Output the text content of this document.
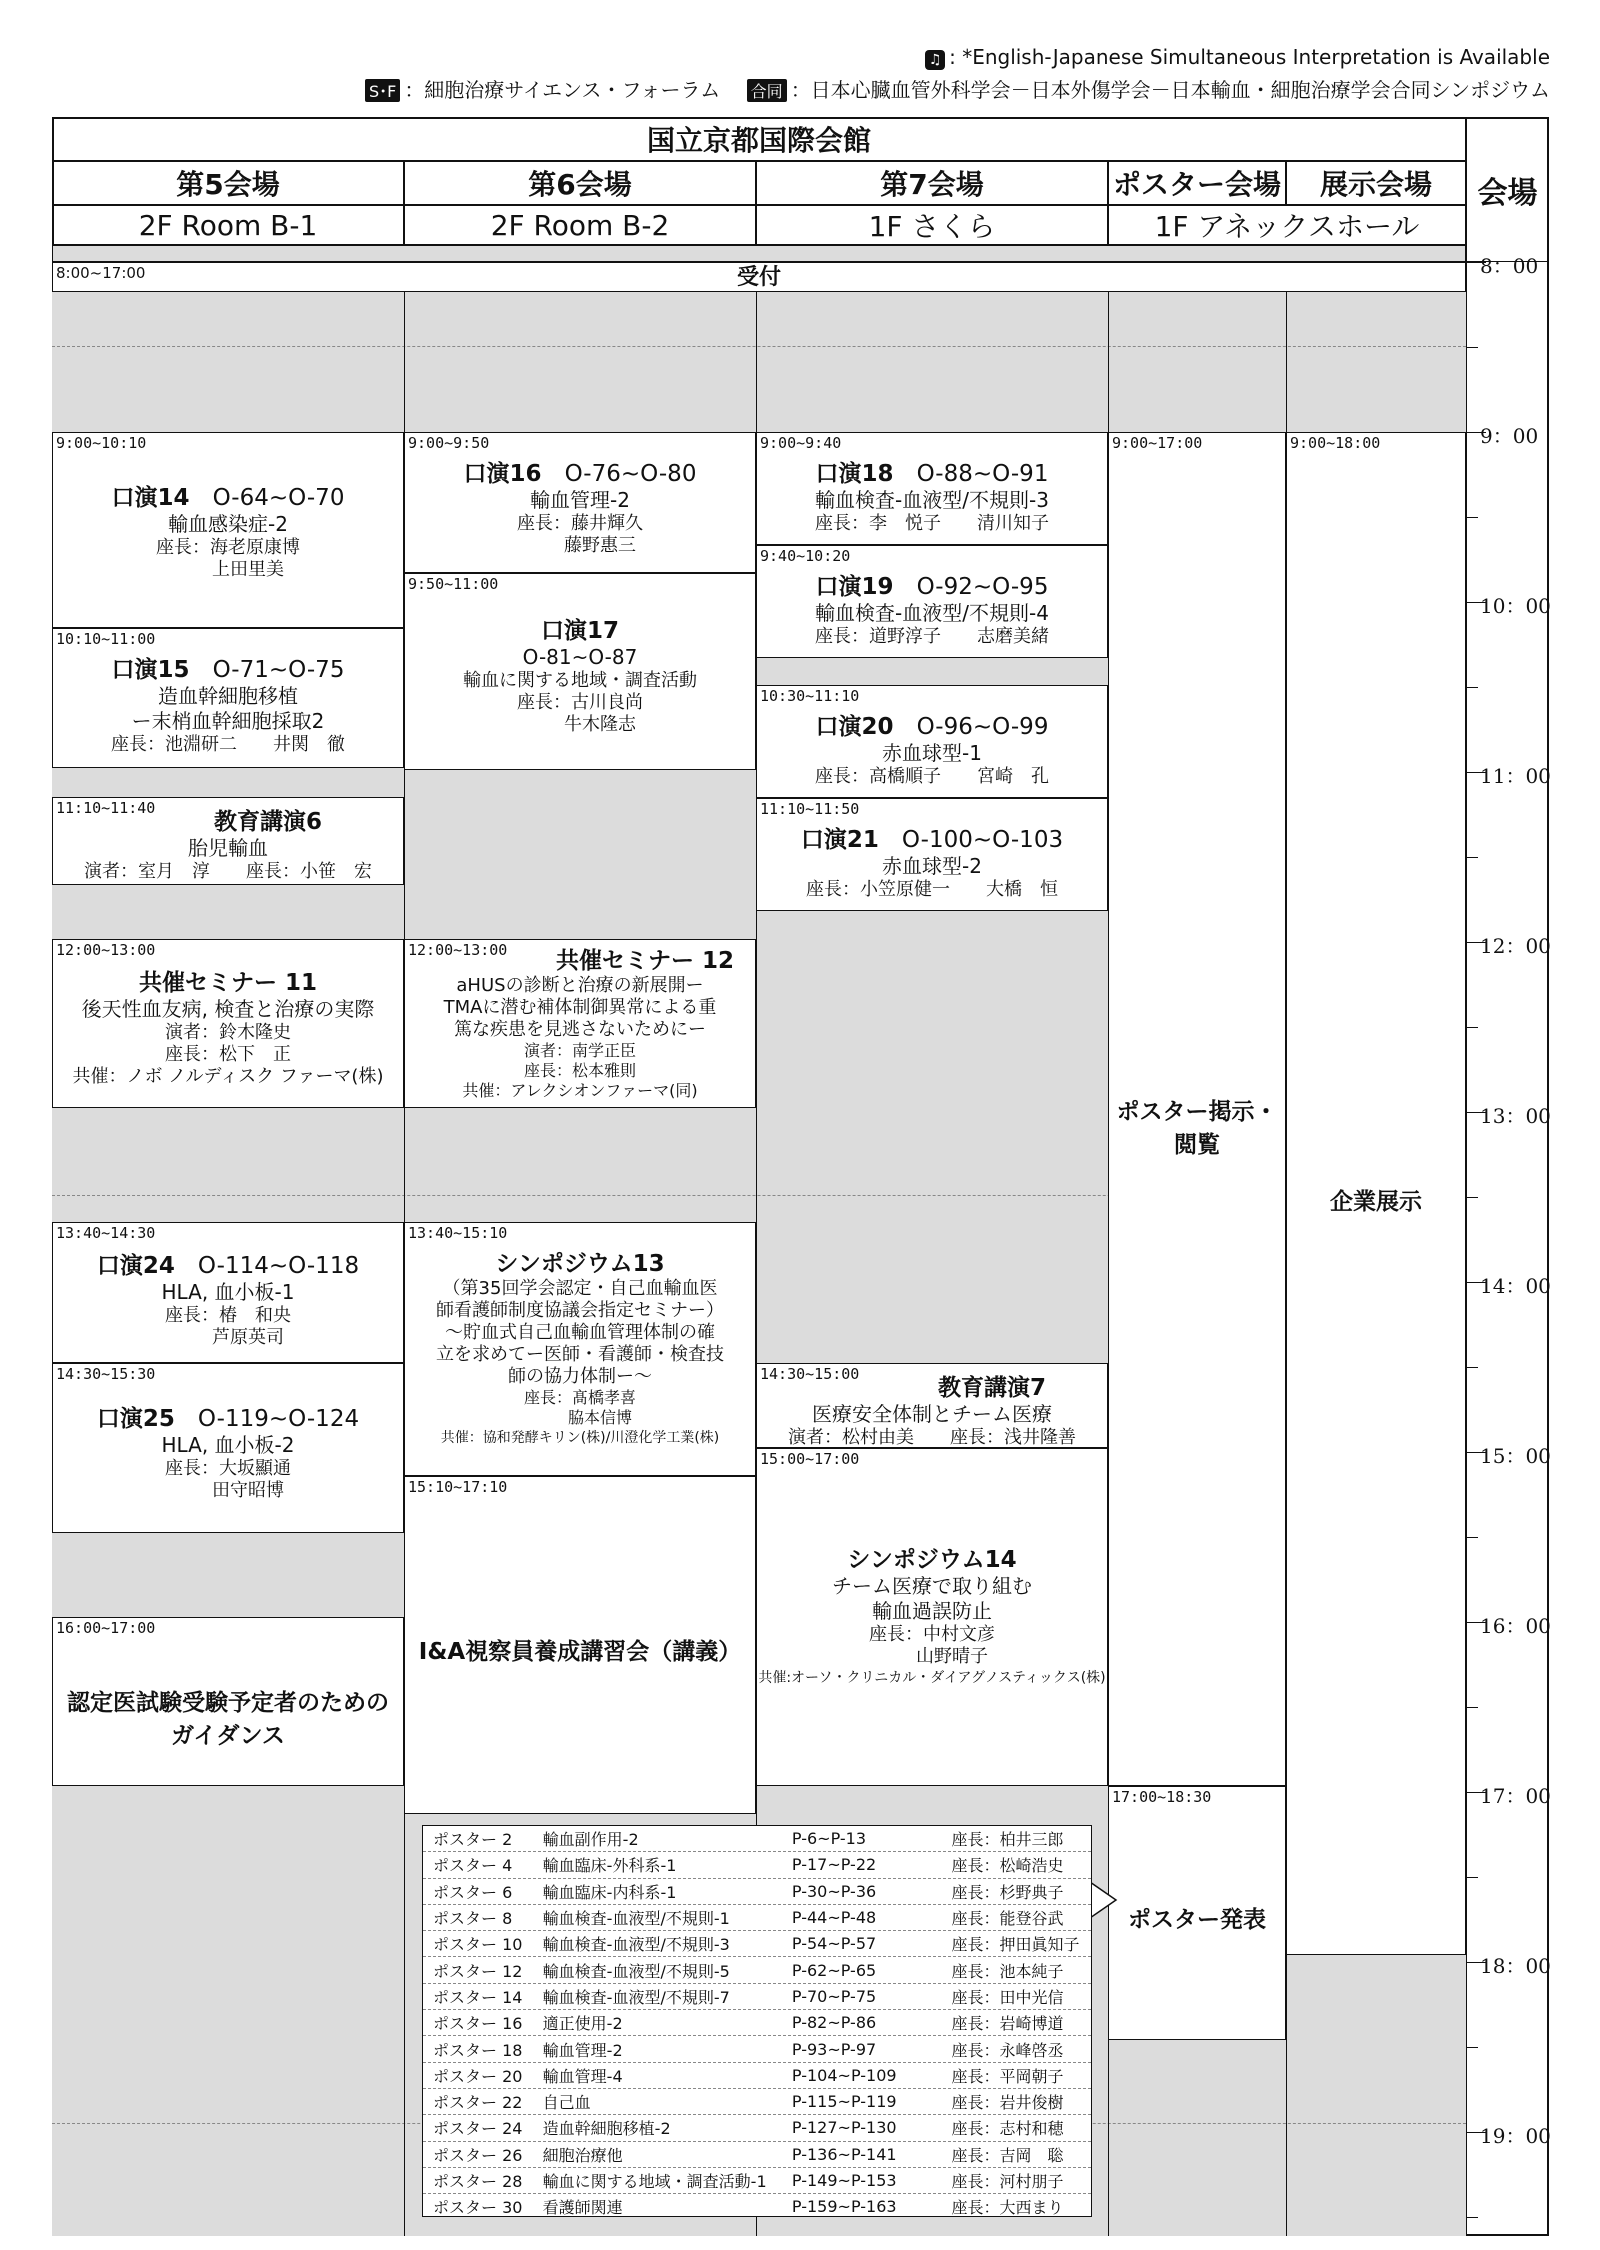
♫ : *English-Japanese Simultaneous Interpretation is Available
S･F ：細胞治療サイエンス・フォーラム 合同 ：日本心臓血管外科学会－日本外傷学会－日本輸血・細胞治療学会合同シンポジウム
国立京都国際会館
会場
第5会場	第6会場	第7会場	ポスター会場	展示会場
2F Room B-1	2F Room B-2	1F さくら	1F アネックスホール
8:00~17:00	受付
9:00~10:10
口演14　 O-64~O-70
輸血感染症-2
座長：海老原康博
上田里美
10:10~11:00
口演15　 O-71~O-75
造血幹細胞移植
ー末梢血幹細胞採取2
座長：池淵研二　　井関　徹
11:10~11:40
教育講演6
胎児輸血
演者：室月　淳　　座長：小笹　宏
12:00~13:00
共催セミナー 11
後天性血友病, 検査と治療の実際
演者：鈴木隆史
座長：松下　正
共催：ノボ ノルディスク ファーマ(株)
13:40~14:30
口演24　 O-114~O-118
HLA, 血小板-1
座長：椿　和央
芦原英司
14:30~15:30
口演25　 O-119~O-124
HLA, 血小板-2
座長：大坂顯通
田守昭博
16:00~17:00
認定医試験受験予定者のための
ガイダンス
9:00~9:50
口演16　 O-76~O-80
輸血管理-2
座長：藤井輝久
藤野惠三
9:50~11:00
口演17
O-81~O-87
輸血に関する地域・調査活動
座長：古川良尚
牛木隆志
12:00~13:00	共催セミナー 12
aHUSの診断と治療の新展開ー
TMAに潜む補体制御異常による重
篤な疾患を見逃さないためにー
演者：南学正臣
座長：松本雅則
共催：アレクシオンファーマ(同)
13:40~15:10
シンポジウム13
（第35回学会認定・自己血輸血医
師看護師制度協議会指定セミナー）
～貯血式自己血輸血管理体制の確
立を求めてー医師・看護師・検査技
師の協力体制ー～
座長：髙橋孝喜
脇本信博
共催：協和発酵キリン(株)/川澄化学工業(株)
15:10~17:10
I&A視察員養成講習会（講義）
9:00~9:40
口演18　 O-88~O-91
輸血検査-血液型/不規則-3
座長：李　悦子　　清川知子
9:40~10:20
口演19　 O-92~O-95
輸血検査-血液型/不規則-4
座長：道野淳子　　志磨美緒
10:30~11:10
口演20　 O-96~O-99
赤血球型-1
座長：高橋順子　　宮崎　孔
11:10~11:50
口演21　 O-100~O-103
赤血球型-2
座長：小笠原健一　　大橋　恒
14:30~15:00
教育講演7
医療安全体制とチーム医療
演者：松村由美　　座長：浅井隆善
15:00~17:00
シンポジウム14
チーム医療で取り組む
輸血過誤防止
座長：中村文彦
山野晴子
共催:オーソ・クリニカル・ダイアグノスティックス(株)
9:00~17:00
ポスター掲示・
閲覧
17:00~18:30
ポスター発表
9:00~18:00
企業展示
ポスター 2	輸血副作用-2	P-6~P-13	座長：柏井三郎
ポスター 4	輸血臨床-外科系-1	P-17~P-22	座長：松崎浩史
ポスター 6	輸血臨床-内科系-1	P-30~P-36	座長：杉野典子
ポスター 8	輸血検査-血液型/不規則-1	P-44~P-48	座長：能登谷武
ポスター 10	輸血検査-血液型/不規則-3	P-54~P-57	座長：押田眞知子
ポスター 12	輸血検査-血液型/不規則-5	P-62~P-65	座長：池本純子
ポスター 14	輸血検査-血液型/不規則-7	P-70~P-75	座長：田中光信
ポスター 16	適正使用-2	P-82~P-86	座長：岩崎博道
ポスター 18	輸血管理-2	P-93~P-97	座長：永峰啓丞
ポスター 20	輸血管理-4	P-104~P-109	座長：平岡朝子
ポスター 22	自己血	P-115~P-119	座長：岩井俊樹
ポスター 24	造血幹細胞移植-2	P-127~P-130	座長：志村和穂
ポスター 26	細胞治療他	P-136~P-141	座長：吉岡　聡
ポスター 28	輸血に関する地域・調査活動-1	P-149~P-153	座長：河村朋子
ポスター 30	看護師関連	P-159~P-163	座長：大西まり
8：00
9：00
10：00
11：00
12：00
13：00
14：00
15：00
16：00
17：00
18：00
19：00
